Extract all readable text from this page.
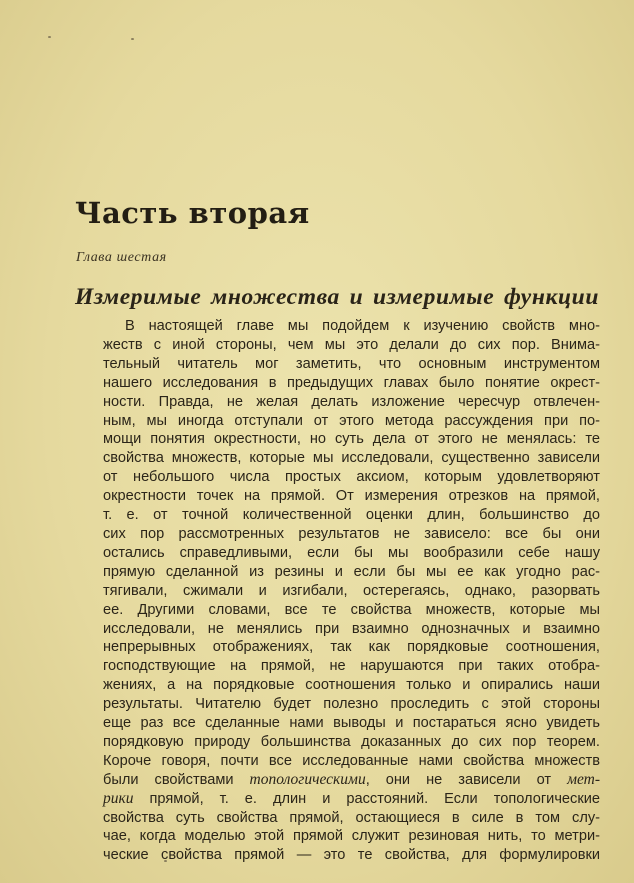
Часть вторая
Глава шестая
Измеримые множества и измеримые функции
В настоящей главе мы подойдем к изучению свойств мно-
жеств с иной стороны, чем мы это делали до сих пор. Внима-
тельный читатель мог заметить, что основным инструментом
нашего исследования в предыдущих главах было понятие окрест-
ности. Правда, не желая делать изложение чересчур отвлечен-
ным, мы иногда отступали от этого метода рассуждения при по-
мощи понятия окрестности, но суть дела от этого не менялась: те
свойства множеств, которые мы исследовали, существенно зависели
от небольшого числа простых аксиом, которым удовлетворяют
окрестности точек на прямой. От измерения отрезков на прямой,
т. е. от точной количественной оценки длин, большинство до
сих пор рассмотренных результатов не зависело: все бы они
остались справедливыми, если бы мы вообразили себе нашу
прямую сделанной из резины и если бы мы ее как угодно рас-
тягивали, сжимали и изгибали, остерегаясь, однако, разорвать
ее. Другими словами, все те свойства множеств, которые мы
исследовали, не менялись при взаимно однозначных и взаимно
непрерывных отображениях, так как порядковые соотношения,
господствующие на прямой, не нарушаются при таких отобра-
жениях, а на порядковые соотношения только и опирались наши
результаты. Читателю будет полезно проследить с этой стороны
еще раз все сделанные нами выводы и постараться ясно увидеть
порядковую природу большинства доказанных до сих пор теорем.
Короче говоря, почти все исследованные нами свойства множеств
были свойствами топологическими, они не зависели от мет-
рики прямой, т. е. длин и расстояний. Если топологические
свойства суть свойства прямой, остающиеся в силе в том слу-
чае, когда моделью этой прямой служит резиновая нить, то метри-
ческие свойства прямой — это те свойства, для формулировки
